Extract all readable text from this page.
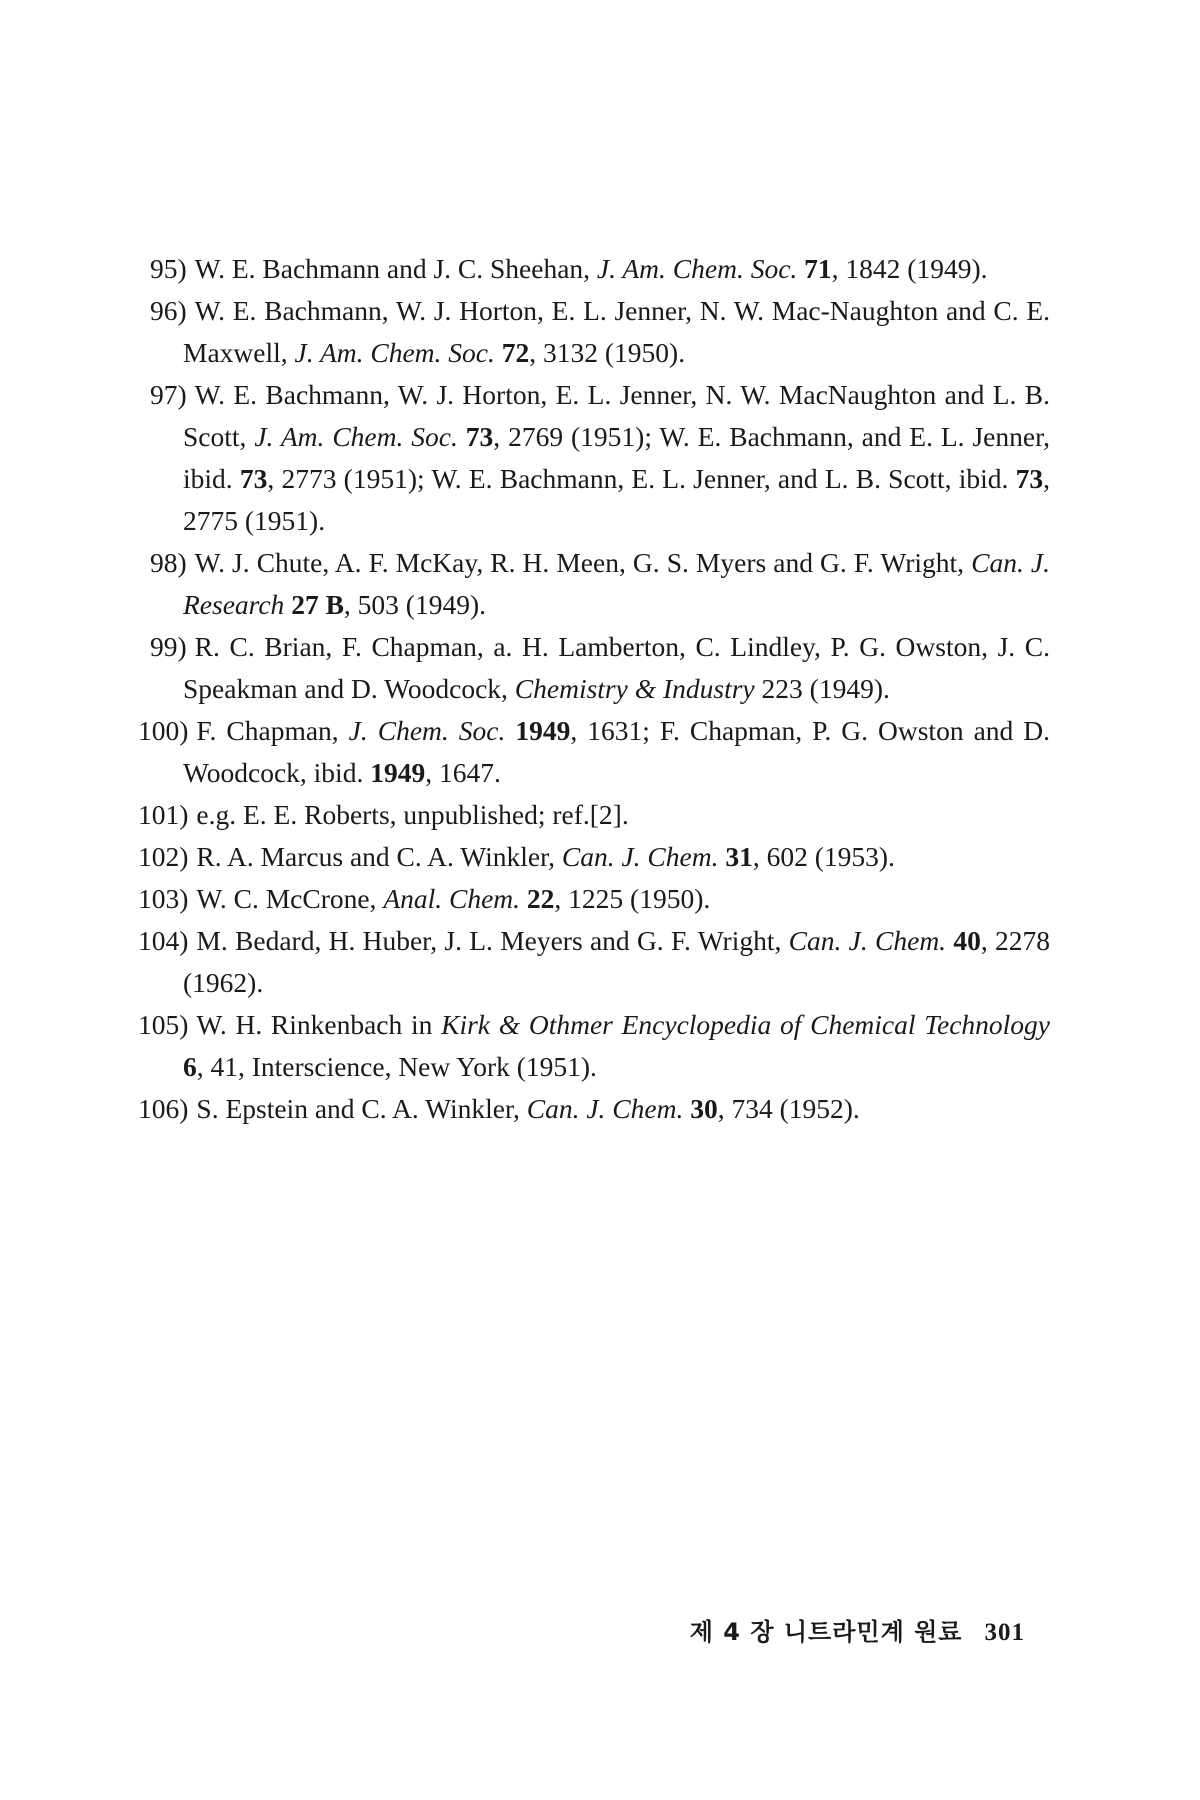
95) W. E. Bachmann and J. C. Sheehan, J. Am. Chem. Soc. 71, 1842 (1949).

96) W. E. Bachmann, W. J. Horton, E. L. Jenner, N. W. Mac-Naughton and C. E. Maxwell, J. Am. Chem. Soc. 72, 3132 (1950).

97) W. E. Bachmann, W. J. Horton, E. L. Jenner, N. W. MacNaughton and L. B. Scott, J. Am. Chem. Soc. 73, 2769 (1951); W. E. Bachmann, and E. L. Jenner, ibid. 73, 2773 (1951); W. E. Bachmann, E. L. Jenner, and L. B. Scott, ibid. 73, 2775 (1951).

98) W. J. Chute, A. F. McKay, R. H. Meen, G. S. Myers and G. F. Wright, Can. J. Research 27 B, 503 (1949).

99) R. C. Brian, F. Chapman, a. H. Lamberton, C. Lindley, P. G. Owston, J. C. Speakman and D. Woodcock, Chemistry & Industry 223 (1949).

100) F. Chapman, J. Chem. Soc. 1949, 1631; F. Chapman, P. G. Owston and D. Woodcock, ibid. 1949, 1647.

101) e.g. E. E. Roberts, unpublished; ref.[2].

102) R. A. Marcus and C. A. Winkler, Can. J. Chem. 31, 602 (1953).

103) W. C. McCrone, Anal. Chem. 22, 1225 (1950).

104) M. Bedard, H. Huber, J. L. Meyers and G. F. Wright, Can. J. Chem. 40, 2278 (1962).

105) W. H. Rinkenbach in Kirk & Othmer Encyclopedia of Chemical Technology 6, 41, Interscience, New York (1951).

106) S. Epstein and C. A. Winkler, Can. J. Chem. 30, 734 (1952).

제 4 장 니트라민계 원료 301
